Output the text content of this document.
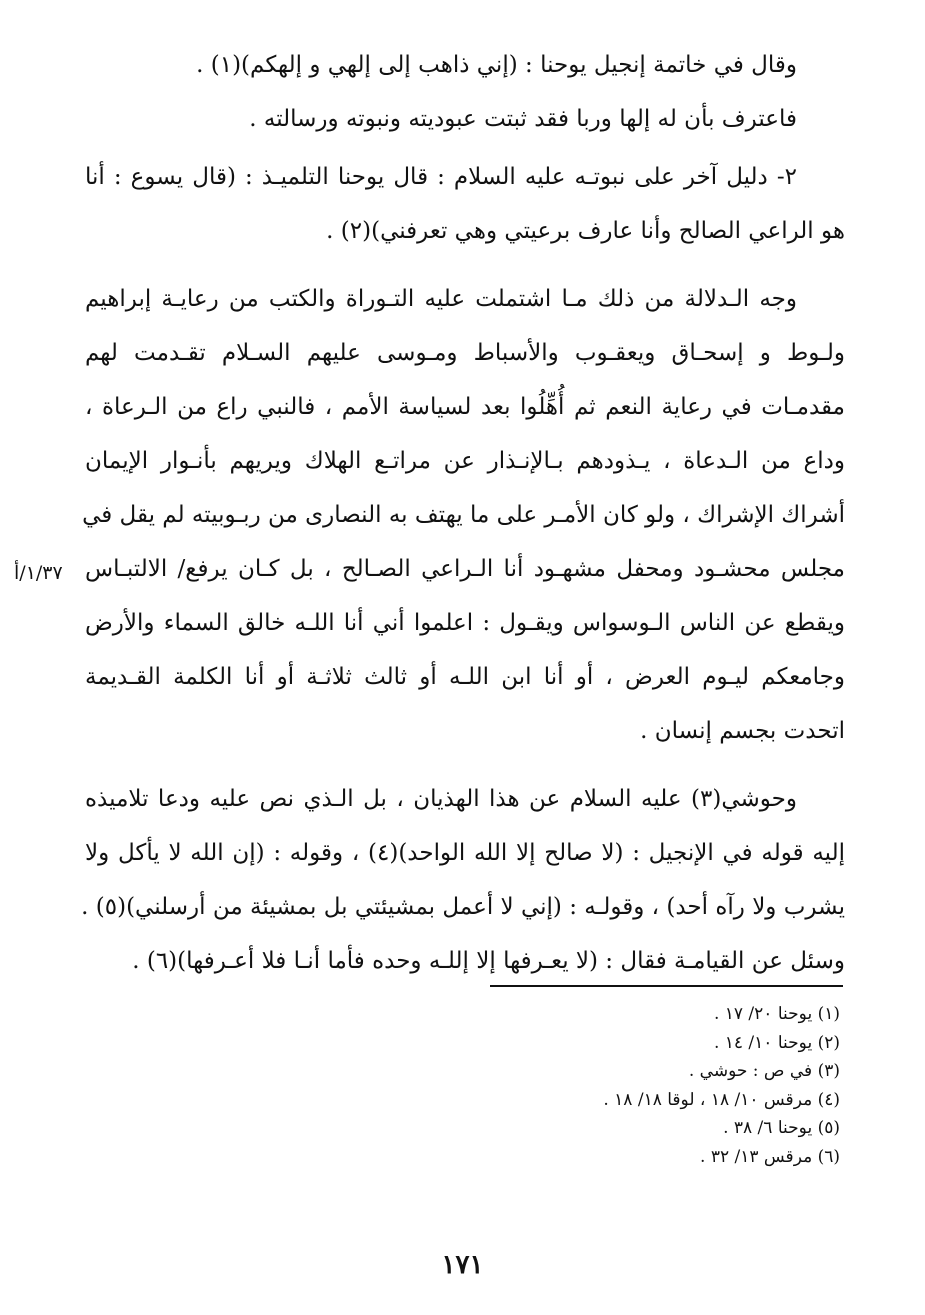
وقال في خاتمة إنجيل يوحنا : (إني ذاهب إلى إلهي و إلهكم)(١) .
فاعترف بأن له إلها وربا فقد ثبتت عبوديته ونبوته ورسالته .
٢- دليل آخر على نبوتـه عليه السلام : قال يوحنا التلميـذ : (قال يسوع : أنا
هو الراعي الصالح وأنا عارف برعيتي وهي تعرفني)(٢) .
وجه الـدلالة من ذلك مـا اشتملت عليه التـوراة والكتب من رعايـة إبراهيم
ولـوط و إسحـاق ويعقـوب والأسباط ومـوسى عليهم السـلام تقـدمت لهم
مقدمـات في رعاية النعم ثم أُهِّلُوا بعد لسياسة الأمم ، فالنبي راع من الـرعاة ،
وداع من الـدعاة ، يـذودهم بـالإنـذار عن مراتـع الهلاك ويريهم بأنـوار الإيمان
أشراك الإشراك ، ولو كان الأمـر على ما يهتف به النصارى من ربـوبيته لم يقل في
مجلس محشـود ومحفل مشهـود أنا الـراعي الصـالح ، بل كـان يرفع/ الالتبـاس
ويقطع عن الناس الـوسواس ويقـول : اعلموا أني أنا اللـه خالق السماء والأرض
وجامعكم ليـوم العرض ، أو أنا ابن اللـه أو ثالث ثلاثـة أو أنا الكلمة القـديمة
اتحدت بجسم إنسان .
وحوشي(٣) عليه السلام عن هذا الهذيان ، بل الـذي نص عليه ودعا تلاميذه
إليه قوله في الإنجيل : (لا صالح إلا الله الواحد)(٤) ، وقوله : (إن الله لا يأكل ولا
يشرب ولا رآه أحد) ، وقولـه : (إني لا أعمل بمشيئتي بل بمشيئة من أرسلني)(٥) .
وسئل عن القيامـة فقال : (لا يعـرفها إلا إللـه وحده فأما أنـا فلا أعـرفها)(٦) .
١/٣٧/أ
(١) يوحنا ٢٠/ ١٧ .
(٢) يوحنا ١٠/ ١٤ .
(٣) في ص : حوشي .
(٤) مرقس ١٠/ ١٨ ، لوقا ١٨/ ١٨ .
(٥) يوحنا ٦/ ٣٨ .
(٦) مرقس ١٣/ ٣٢ .
١٧١
